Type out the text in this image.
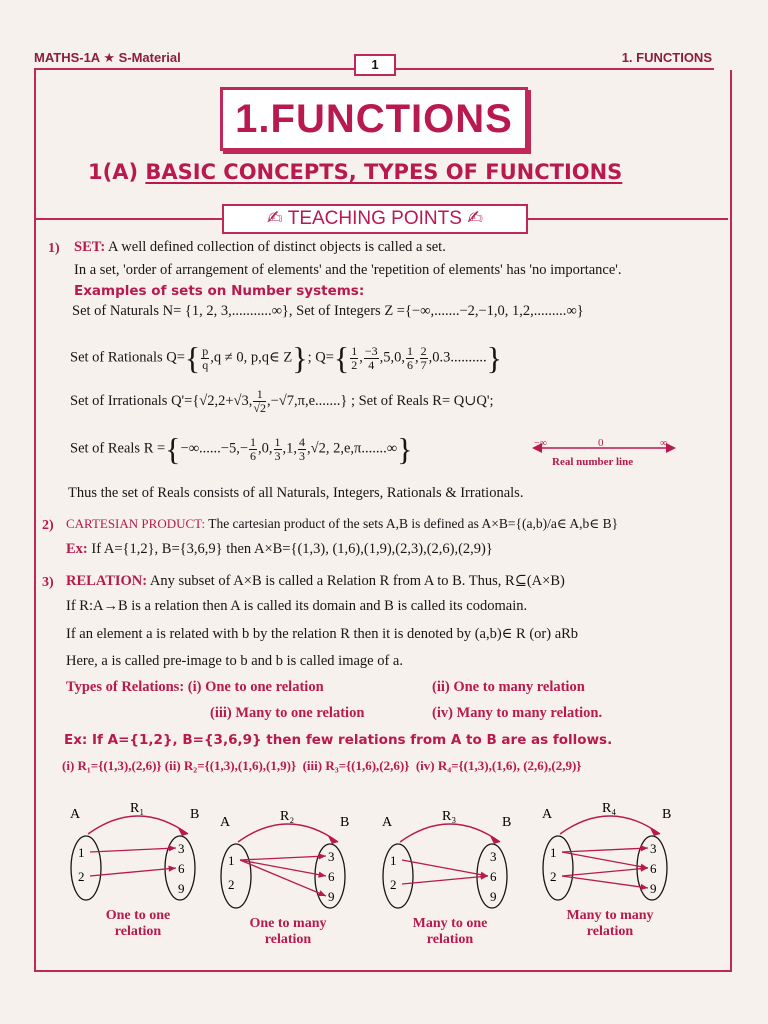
MATHS-1A ★ S-Material	1. FUNCTIONS
1
1.FUNCTIONS
1(A) BASIC CONCEPTS, TYPES OF FUNCTIONS
✍ TEACHING POINTS ✍
1) SET: A well defined collection of distinct objects is called a set.
In a set, 'order of arrangement of elements' and the 'repetition of elements' has 'no importance'.
Examples of sets on Number systems:
Set of Naturals N= {1, 2, 3,...........∞}, Set of Integers Z ={−∞,.......−2,−1,0, 1,2,.........∞}
Set of Rationals $Q=\{ \frac{p}{q} ,q \ne 0$, p,q∈ Z}; $Q=\{ \frac{1}{2}$ , $\frac{-3}{4} ,5,0$, $\frac{1}{6}$ , $\frac{2}{7} ,0.3$..........}
Set of Irrationals Q'={√2,2+√3, $\frac{1}{√2} ,-√7,\pi,e$.......} ; Set of Reals R= Q∪Q';
Set of Reals $R =\{-\infty......-5,- \frac{1}{6} ,0$, $\frac{1}{3} ,1$, $\frac{4}{3} ,√2$, 2,e,π.......∞}	−∞	0	∞
Real number line
Thus the set of Reals consists of all Naturals, Integers, Rationals & Irrationals.
2) CARTESIAN PRODUCT: The cartesian product of the sets A,B is defined as A×B={(a,b)/a∈ A,b∈ B}
Ex: If A={1,2}, B={3,6,9} then A×B={(1,3), (1,6),(1,9),(2,3),(2,6),(2,9)}
3) RELATION: Any subset of A×B is called a Relation R from A to B. Thus, R⊆(A×B)
If R:A→B is a relation then A is called its domain and B is called its codomain.
If an element a is related with b by the relation R then it is denoted by (a,b)∈ R (or) aRb
Here, a is called pre-image to b and b is called image of a.
Types of Relations: (i) One to one relation	(ii) One to many relation
(iii) Many to one relation	(iv) Many to many relation.
Ex: If A={1,2}, B={3,6,9} then few relations from A to B are as follows.
(i) R₁={(1,3),(2,6)} (ii) R₂={(1,3),(1,6),(1,9)} (iii) R₃={(1,6),(2,6)} (iv) R₄={(1,3),(1,6), (2,6),(2,9)}
A	B
R₁
1
2
3
6
9
One to one
relation
A	B
R₂
1
2
3
6
9
One to many
relation
A	B
R₃
1
2
3
6
9
Many to one
relation
A	B
R₄
1
2
3
6
9
Many to many
relation
